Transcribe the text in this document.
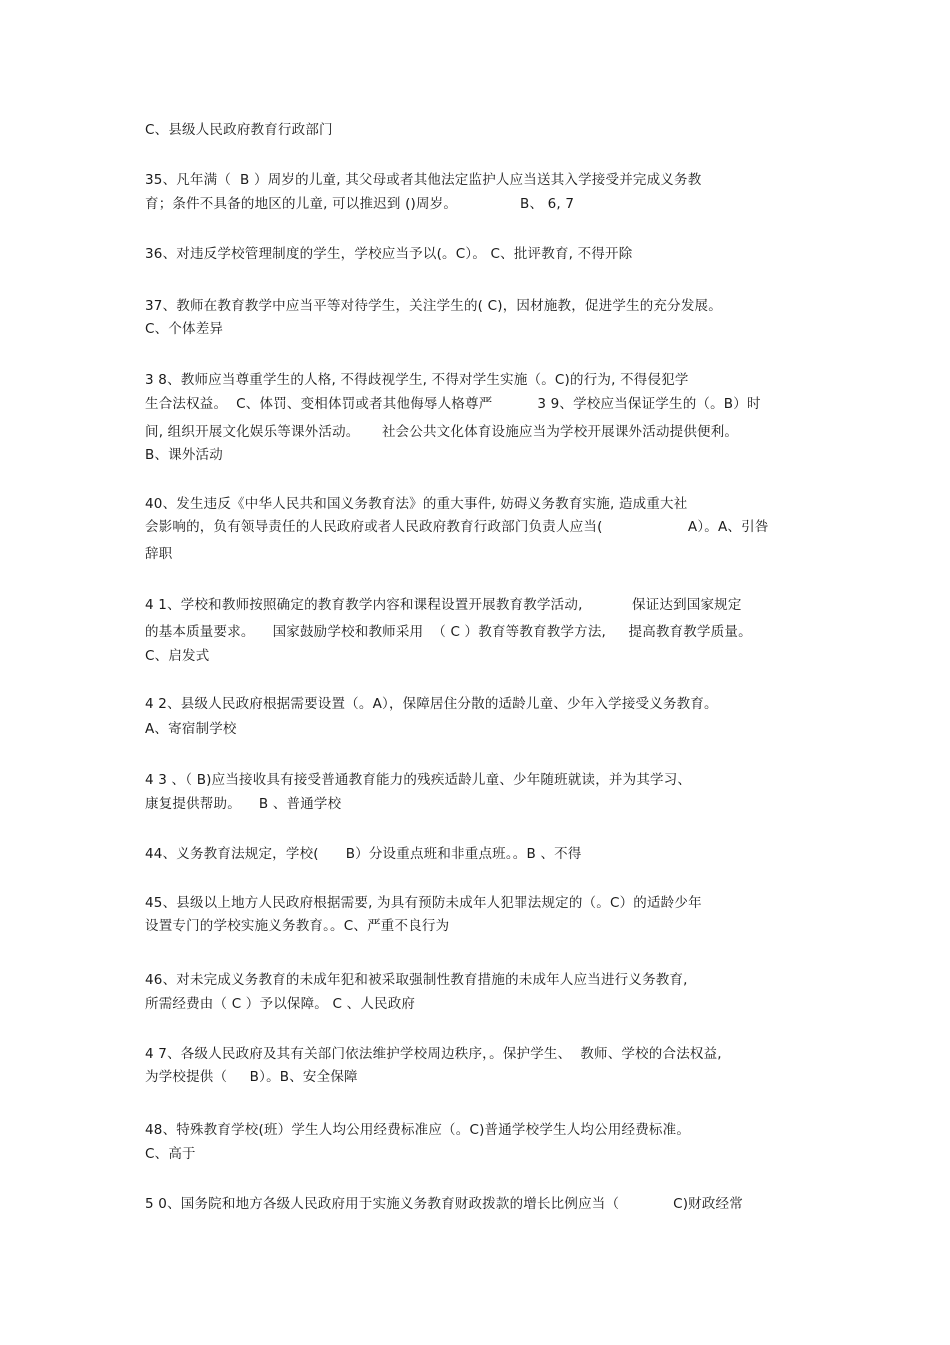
C、县级人民政府教育行政部门
35、凡年满（  B ）周岁的儿童, 其父母或者其他法定监护人应当送其入学接受并完成义务教
育；条件不具备的地区的儿童, 可以推迟到 ()周岁。              B、 6, 7
36、对违反学校管理制度的学生，学校应当予以(。C）。 C、批评教育, 不得开除
37、教师在教育教学中应当平等对待学生，关注学生的( C)，因材施教，促进学生的充分发展。
C、个体差异
3 8、教师应当尊重学生的人格, 不得歧视学生, 不得对学生实施（。C)的行为, 不得侵犯学
生合法权益。  C、体罚、变相体罚或者其他侮辱人格尊严          3 9、学校应当保证学生的（。B）时
间, 组织开展文化娱乐等课外活动。     社会公共文化体育设施应当为学校开展课外活动提供便利。
B、课外活动
40、发生违反《中华人民共和国义务教育法》的重大事件, 妨碍义务教育实施, 造成重大社
会影响的，负有领导责任的人民政府或者人民政府教育行政部门负责人应当(                   A）。A、引咎
辞职
4 1、学校和教师按照确定的教育教学内容和课程设置开展教育教学活动,           保证达到国家规定
的基本质量要求。    国家鼓励学校和教师采用  （ C ）教育等教育教学方法,     提高教育教学质量。
C、启发式
4 2、县级人民政府根据需要设置（。A），保障居住分散的适龄儿童、少年入学接受义务教育。
A、寄宿制学校
4 3 、（ B)应当接收具有接受普通教育能力的残疾适龄儿童、少年随班就读，并为其学习、
康复提供帮助。    B 、普通学校
44、义务教育法规定，学校(      B）分设重点班和非重点班。。B 、不得
45、县级以上地方人民政府根据需要, 为具有预防未成年人犯罪法规定的（。C）的适龄少年
设置专门的学校实施义务教育。。C、严重不良行为
46、对未完成义务教育的未成年犯和被采取强制性教育措施的未成年人应当进行义务教育,
所需经费由（ C ）予以保障。 C 、人民政府
4 7、各级人民政府及其有关部门依法维护学校周边秩序，。保护学生、  教师、学校的合法权益,
为学校提供（     B）。B、安全保障
48、特殊教育学校(班）学生人均公用经费标准应（。C)普通学校学生人均公用经费标准。
C、高于
5 0、国务院和地方各级人民政府用于实施义务教育财政拨款的增长比例应当（            C)财政经常
